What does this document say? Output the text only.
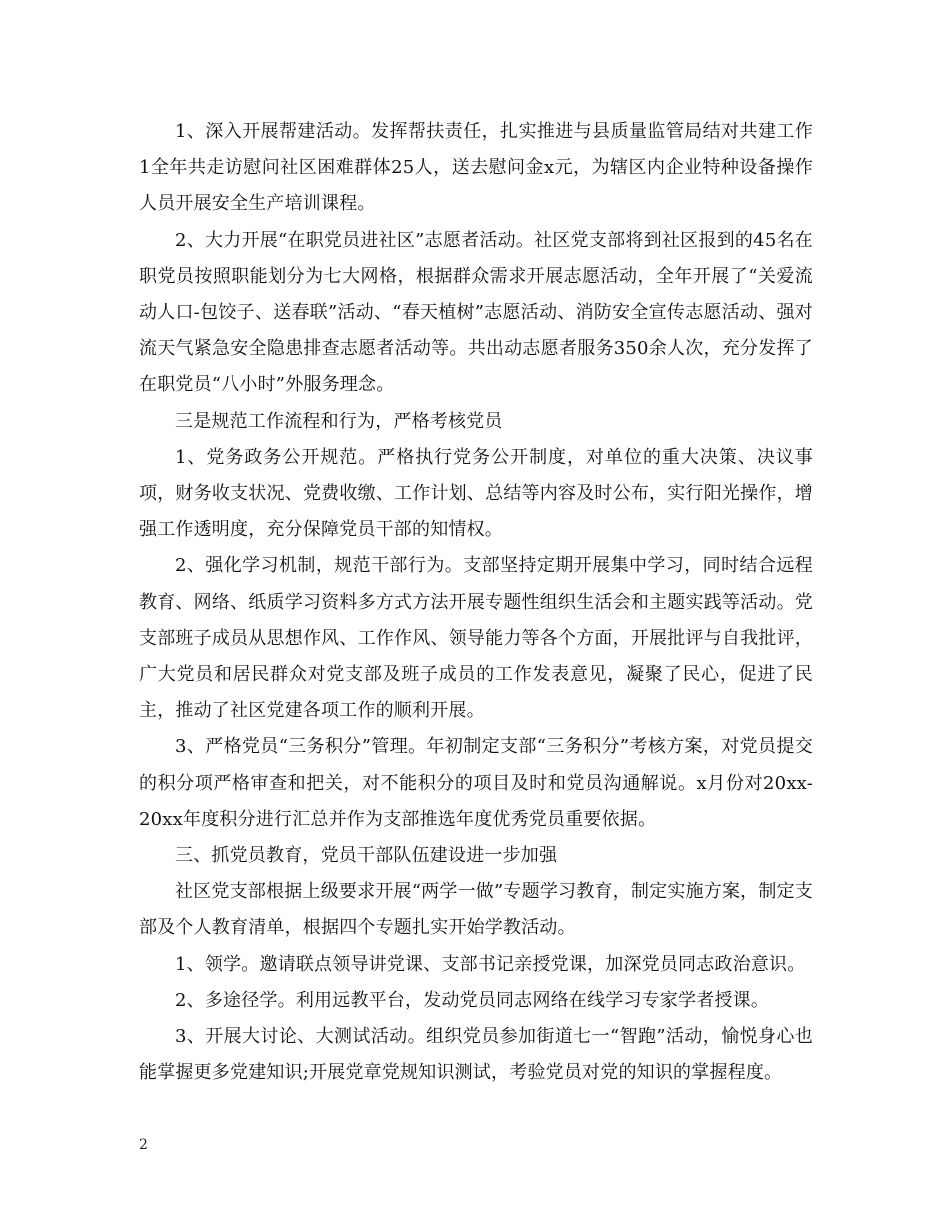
1、深入开展帮建活动。发挥帮扶责任，扎实推进与县质量监管局结对共建工作1全年共走访慰问社区困难群体25人，送去慰问金x元，为辖区内企业特种设备操作人员开展安全生产培训课程。

2、大力开展“在职党员进社区”志愿者活动。社区党支部将到社区报到的45名在职党员按照职能划分为七大网格，根据群众需求开展志愿活动，全年开展了“关爱流动人口-包饺子、送春联”活动、“春天植树”志愿活动、消防安全宣传志愿活动、强对流天气紧急安全隐患排查志愿者活动等。共出动志愿者服务350余人次，充分发挥了在职党员“八小时”外服务理念。

三是规范工作流程和行为，严格考核党员

1、党务政务公开规范。严格执行党务公开制度，对单位的重大决策、决议事项，财务收支状况、党费收缴、工作计划、总结等内容及时公布，实行阳光操作，增强工作透明度，充分保障党员干部的知情权。

2、强化学习机制，规范干部行为。支部坚持定期开展集中学习，同时结合远程教育、网络、纸质学习资料多方式方法开展专题性组织生活会和主题实践等活动。党支部班子成员从思想作风、工作作风、领导能力等各个方面，开展批评与自我批评，广大党员和居民群众对党支部及班子成员的工作发表意见，凝聚了民心，促进了民主，推动了社区党建各项工作的顺利开展。

3、严格党员“三务积分”管理。年初制定支部“三务积分”考核方案，对党员提交的积分项严格审查和把关，对不能积分的项目及时和党员沟通解说。x月份对20xx-20xx年度积分进行汇总并作为支部推选年度优秀党员重要依据。

三、抓党员教育，党员干部队伍建设进一步加强

社区党支部根据上级要求开展“两学一做”专题学习教育，制定实施方案，制定支部及个人教育清单，根据四个专题扎实开始学教活动。

1、领学。邀请联点领导讲党课、支部书记亲授党课，加深党员同志政治意识。

2、多途径学。利用远教平台，发动党员同志网络在线学习专家学者授课。

3、开展大讨论、大测试活动。组织党员参加街道七一“智跑”活动，愉悦身心也能掌握更多党建知识;开展党章党规知识测试，考验党员对党的知识的掌握程度。

2
